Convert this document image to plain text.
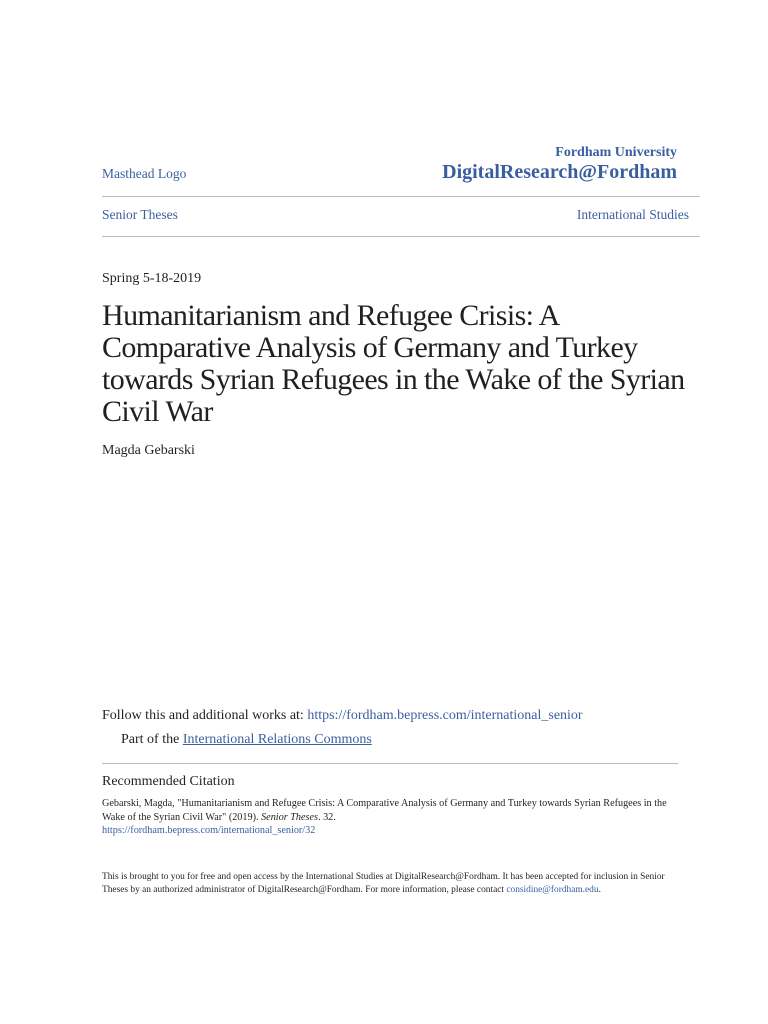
Masthead Logo
Fordham University
DigitalResearch@Fordham
Senior Theses	International Studies
Spring 5-18-2019
Humanitarianism and Refugee Crisis: A Comparative Analysis of Germany and Turkey towards Syrian Refugees in the Wake of the Syrian Civil War
Magda Gebarski
Follow this and additional works at: https://fordham.bepress.com/international_senior
Part of the International Relations Commons
Recommended Citation
Gebarski, Magda, "Humanitarianism and Refugee Crisis: A Comparative Analysis of Germany and Turkey towards Syrian Refugees in the Wake of the Syrian Civil War" (2019). Senior Theses. 32.
https://fordham.bepress.com/international_senior/32
This is brought to you for free and open access by the International Studies at DigitalResearch@Fordham. It has been accepted for inclusion in Senior Theses by an authorized administrator of DigitalResearch@Fordham. For more information, please contact considine@fordham.edu.
